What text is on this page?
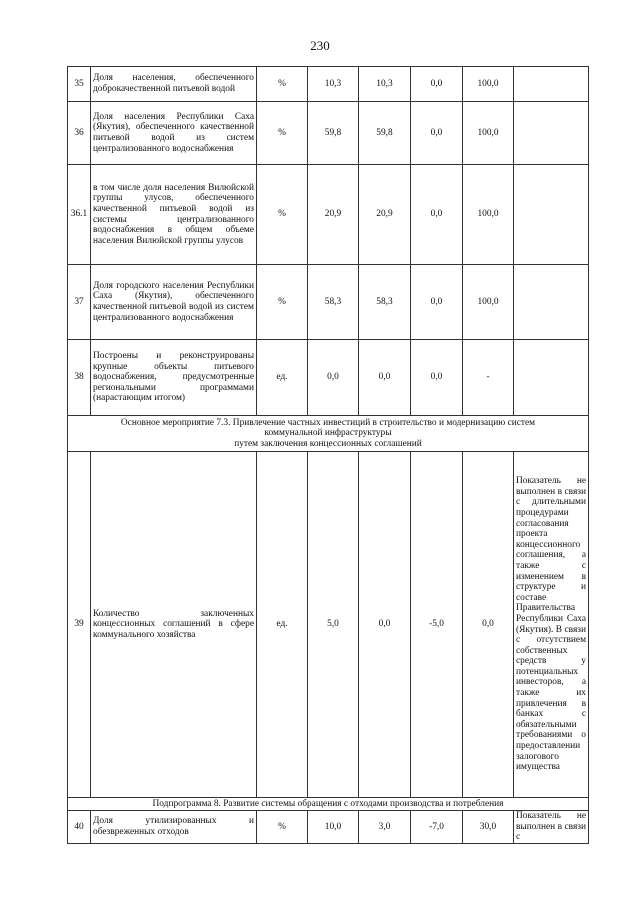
230
35	Доля населения, обеспеченного доброкачественной питьевой водой	%	10,3	10,3	0,0	100,0	
36	Доля населения Республики Саха (Якутия), обеспеченного качественной питьевой водой из систем централизованного водоснабжения	%	59,8	59,8	0,0	100,0	
36.1	в том числе доля населения Вилюйской группы улусов, обеспеченного качественной питьевой водой из системы централизованного водоснабжения в общем объеме населения Вилюйской группы улусов	%	20,9	20,9	0,0	100,0	
37	Доля городского населения Республики Саха (Якутия), обеспеченного качественной питьевой водой из систем централизованного водоснабжения	%	58,3	58,3	0,0	100,0	
38	Построены и реконструированы крупные объекты питьевого водоснабжения, предусмотренные региональными программами (нарастающим итогом)	ед.	0,0	0,0	0,0	-	

Основное мероприятие 7.3. Привлечение частных инвестиций в строительство и модернизацию систем
коммунальной инфраструктуры
путем заключения концессионных соглашений							

39	Количество заключенных концессионных соглашений в сфере коммунального хозяйства	ед.	5,0	0,0	-5,0	0,0	Показатель не выполнен в связи с длительными процедурами согласования проекта концессионного соглашения, а также с изменением в структуре и составе Правительства Республики Саха (Якутия). В связи с отсутствием собственных средств у потенциальных инвесторов, а также их привлечения в банках с обязательными требованиями о предоставлении залогового имущества

Подпрограмма 8. Развитие системы обращения с отходами производства и потребления							

40	Доля утилизированных и обезвреженных отходов	%	10,0	3,0	-7,0	30,0	Показатель не выполнен в связи с
